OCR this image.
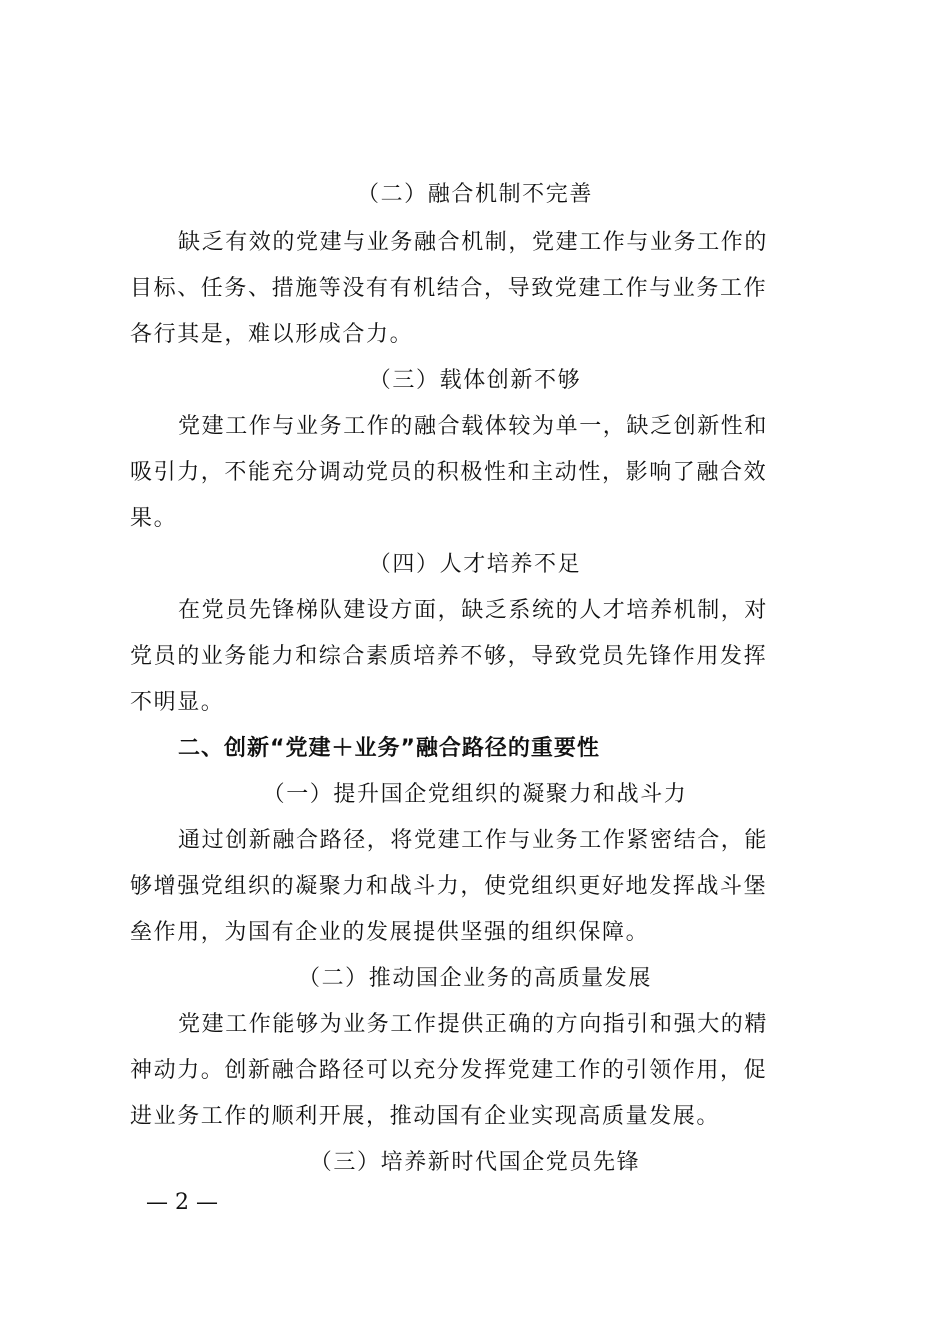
（二）融合机制不完善
缺乏有效的党建与业务融合机制，党建工作与业务工作的
目标、任务、措施等没有有机结合，导致党建工作与业务工作
各行其是，难以形成合力。
（三）载体创新不够
党建工作与业务工作的融合载体较为单一，缺乏创新性和
吸引力，不能充分调动党员的积极性和主动性，影响了融合效
果。
（四）人才培养不足
在党员先锋梯队建设方面，缺乏系统的人才培养机制，对
党员的业务能力和综合素质培养不够，导致党员先锋作用发挥
不明显。
二、创新“党建＋业务”融合路径的重要性
（一）提升国企党组织的凝聚力和战斗力
通过创新融合路径，将党建工作与业务工作紧密结合，能
够增强党组织的凝聚力和战斗力，使党组织更好地发挥战斗堡
垒作用，为国有企业的发展提供坚强的组织保障。
（二）推动国企业务的高质量发展
党建工作能够为业务工作提供正确的方向指引和强大的精
神动力。创新融合路径可以充分发挥党建工作的引领作用，促
进业务工作的顺利开展，推动国有企业实现高质量发展。
（三）培养新时代国企党员先锋
— 2 —
